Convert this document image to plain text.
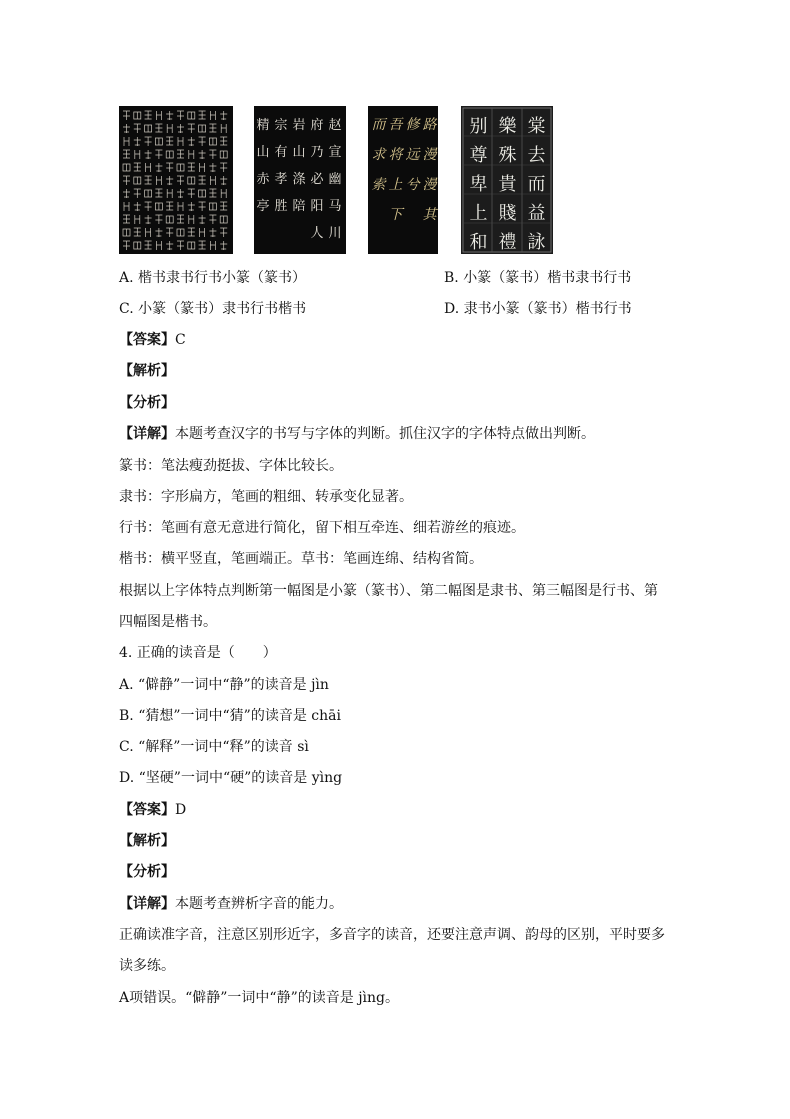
赵
宣
幽
马
川
府
乃
必
阳
人
岩
山
涤
陪
宗
有
孝
胜
精
山
赤
亭
路
漫
漫
其
修
远
兮
吾
将
上
下
而
求
索
棠
去
而
益
詠
樂
殊
貴
賤
禮
别
尊
卑
上
和
A. 楷书隶书行书小篆（篆书）	B. 小篆（篆书）楷书隶书行书
C. 小篆（篆书）隶书行书楷书	D. 隶书小篆（篆书）楷书行书
【答案】C
【解析】
【分析】
【详解】本题考查汉字的书写与字体的判断。抓住汉字的字体特点做出判断。
篆书：笔法瘦劲挺拔、字体比较长。
隶书：字形扁方，笔画的粗细、转承变化显著。
行书：笔画有意无意进行简化，留下相互牵连、细若游丝的痕迹。
楷书：横平竖直，笔画端正。草书：笔画连绵、结构省简。
根据以上字体特点判断第一幅图是小篆（篆书）、第二幅图是隶书、第三幅图是行书、第
四幅图是楷书。
4. 正确的读音是（　　）
A. “僻静”一词中“静”的读音是 jìn
B. “猜想”一词中“猜”的读音是 chāi
C. “解释”一词中“释”的读音 sì
D. “坚硬”一词中“硬”的读音是 yìng
【答案】D
【解析】
【分析】
【详解】本题考查辨析字音的能力。
正确读准字音，注意区别形近字，多音字的读音，还要注意声调、韵母的区别，平时要多
读多练。
A项错误。“僻静”一词中“静”的读音是 jìng。
